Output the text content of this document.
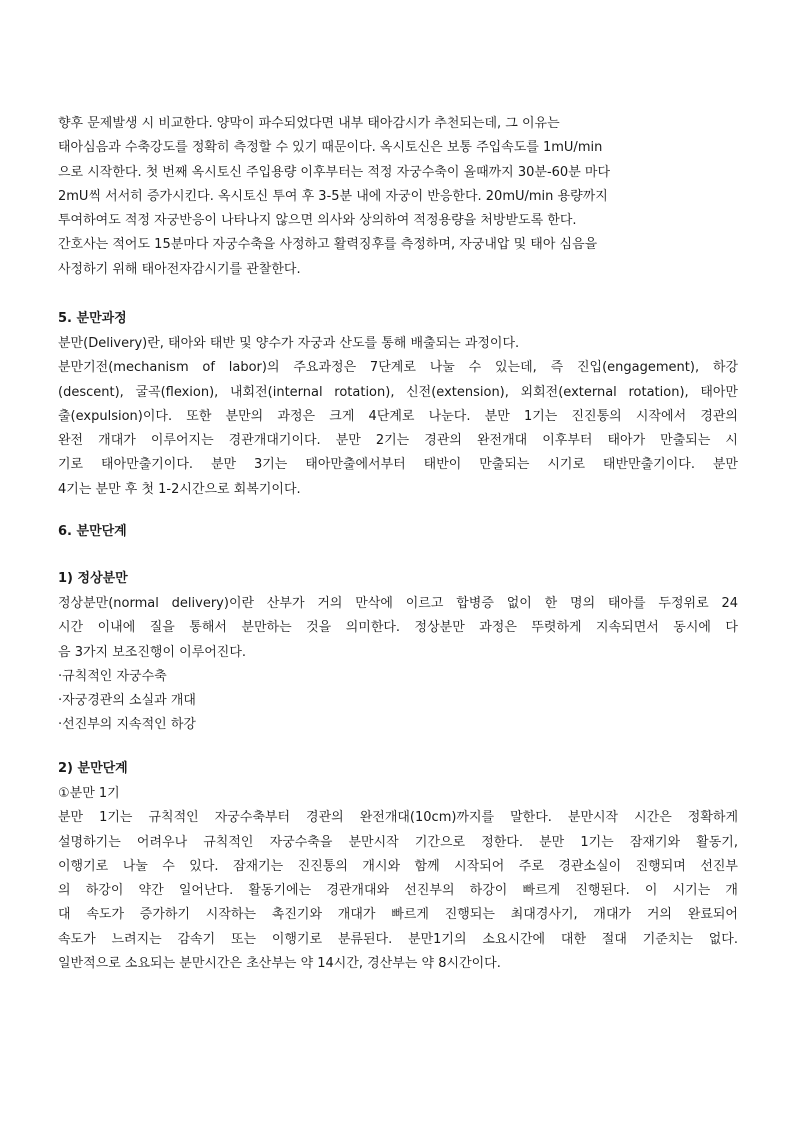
향후 문제발생 시 비교한다. 양막이 파수되었다면 내부 태아감시가 추천되는데, 그 이유는
태아심음과 수축강도를 정확히 측정할 수 있기 때문이다. 옥시토신은 보통 주입속도를 1mU/min
으로 시작한다. 첫 번째 옥시토신 주입용량 이후부터는 적정 자궁수축이 올때까지 30분-60분 마다
2mU씩 서서히 증가시킨다. 옥시토신 투여 후 3-5분 내에 자궁이 반응한다. 20mU/min 용량까지
투여하여도 적정 자궁반응이 나타나지 않으면 의사와 상의하여 적정용량을 처방받도록 한다.
간호사는 적어도 15분마다 자궁수축을 사정하고 활력징후를 측정하며, 자궁내압 및 태아 심음을
사정하기 위해 태아전자감시기를 관찰한다.
5. 분만과정
분만(Delivery)란, 태아와 태반 및 양수가 자궁과 산도를 통해 배출되는 과정이다.
분만기전(mechanism of labor)의 주요과정은 7단계로 나눌 수 있는데, 즉 진입(engagement), 하강
(descent), 굴곡(flexion), 내회전(internal rotation), 신전(extension), 외회전(external rotation), 태아만
출(expulsion)이다. 또한 분만의 과정은 크게 4단계로 나눈다. 분만 1기는 진진통의 시작에서 경관의
완전 개대가 이루어지는 경관개대기이다. 분만 2기는 경관의 완전개대 이후부터 태아가 만출되는 시
기로 태아만출기이다. 분만 3기는 태아만출에서부터 태반이 만출되는 시기로 태반만출기이다. 분만
4기는 분만 후 첫 1-2시간으로 회복기이다.
6. 분만단계
1) 정상분만
정상분만(normal delivery)이란 산부가 거의 만삭에 이르고 합병증 없이 한 명의 태아를 두정위로 24
시간 이내에 질을 통해서 분만하는 것을 의미한다. 정상분만 과정은 뚜렷하게 지속되면서 동시에 다
음 3가지 보조진행이 이루어진다.
·규칙적인 자궁수축
·자궁경관의 소실과 개대
·선진부의 지속적인 하강
2) 분만단계
①분만 1기
분만 1기는 규칙적인 자궁수축부터 경관의 완전개대(10cm)까지를 말한다. 분만시작 시간은 정확하게
설명하기는 어려우나 규칙적인 자궁수축을 분만시작 기간으로 정한다. 분만 1기는 잠재기와 활동기,
이행기로 나눌 수 있다. 잠재기는 진진통의 개시와 함께 시작되어 주로 경관소실이 진행되며 선진부
의 하강이 약간 일어난다. 활동기에는 경관개대와 선진부의 하강이 빠르게 진행된다. 이 시기는 개
대 속도가 증가하기 시작하는 촉진기와 개대가 빠르게 진행되는 최대경사기, 개대가 거의 완료되어
속도가 느려지는 감속기 또는 이행기로 분류된다. 분만1기의 소요시간에 대한 절대 기준치는 없다.
일반적으로 소요되는 분만시간은 초산부는 약 14시간, 경산부는 약 8시간이다.
